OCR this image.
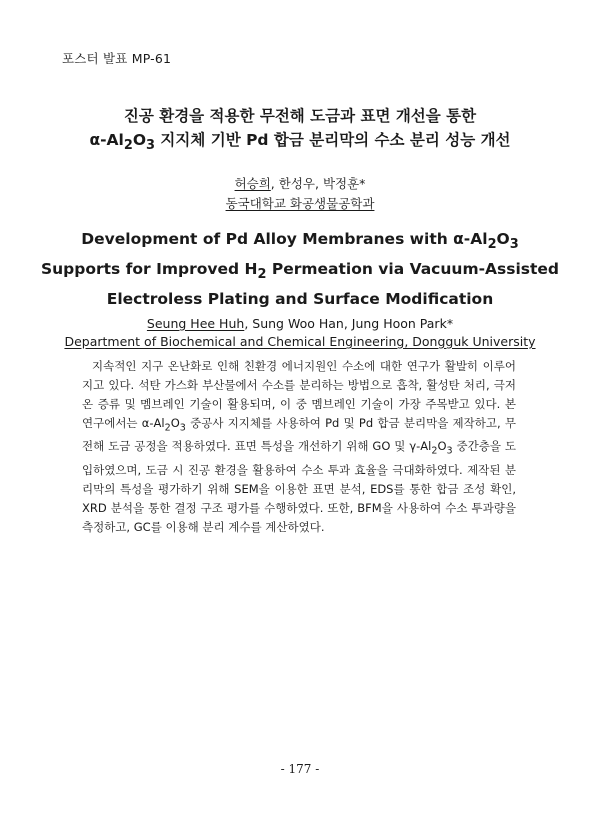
포스터 발표 MP-61
진공 환경을 적용한 무전해 도금과 표면 개선을 통한
$\alpha-Al_2O_3$ 지지체 기반 Pd 합금 분리막의 수소 분리 성능 개선
허승희, 한성우, 박정훈*
동국대학교 화공생물공학과
Development of Pd Alloy Membranes with $\alpha-Al_2O_3$
Supports for Improved $H_2$ Permeation via Vacuum-Assisted
Electroless Plating and Surface Modification
Seung Hee Huh, Sung Woo Han, Jung Hoon Park*
Department of Biochemical and Chemical Engineering, Dongguk University
지속적인 지구 온난화로 인해 친환경 에너지원인 수소에 대한 연구가 활발히 이루어지고 있다. 석탄 가스화 부산물에서 수소를 분리하는 방법으로 흡착, 활성탄 처리, 극저온 증류 및 멤브레인 기술이 활용되며, 이 중 멤브레인 기술이 가장 주목받고 있다. 본 연구에서는 $\alpha-Al_2O_3$ 중공사 지지체를 사용하여 Pd 및 Pd 합금 분리막을 제작하고, 무전해 도금 공정을 적용하였다. 표면 특성을 개선하기 위해 GO 및 $\gamma-Al_2O_3$ 중간층을 도입하였으며, 도금 시 진공 환경을 활용하여 수소 투과 효율을 극대화하였다. 제작된 분리막의 특성을 평가하기 위해 SEM을 이용한 표면 분석, EDS를 통한 합금 조성 확인, XRD 분석을 통한 결정 구조 평가를 수행하였다. 또한, BFM을 사용하여 수소 투과량을 측정하고, GC를 이용해 분리 계수를 계산하였다.
- 177 -
